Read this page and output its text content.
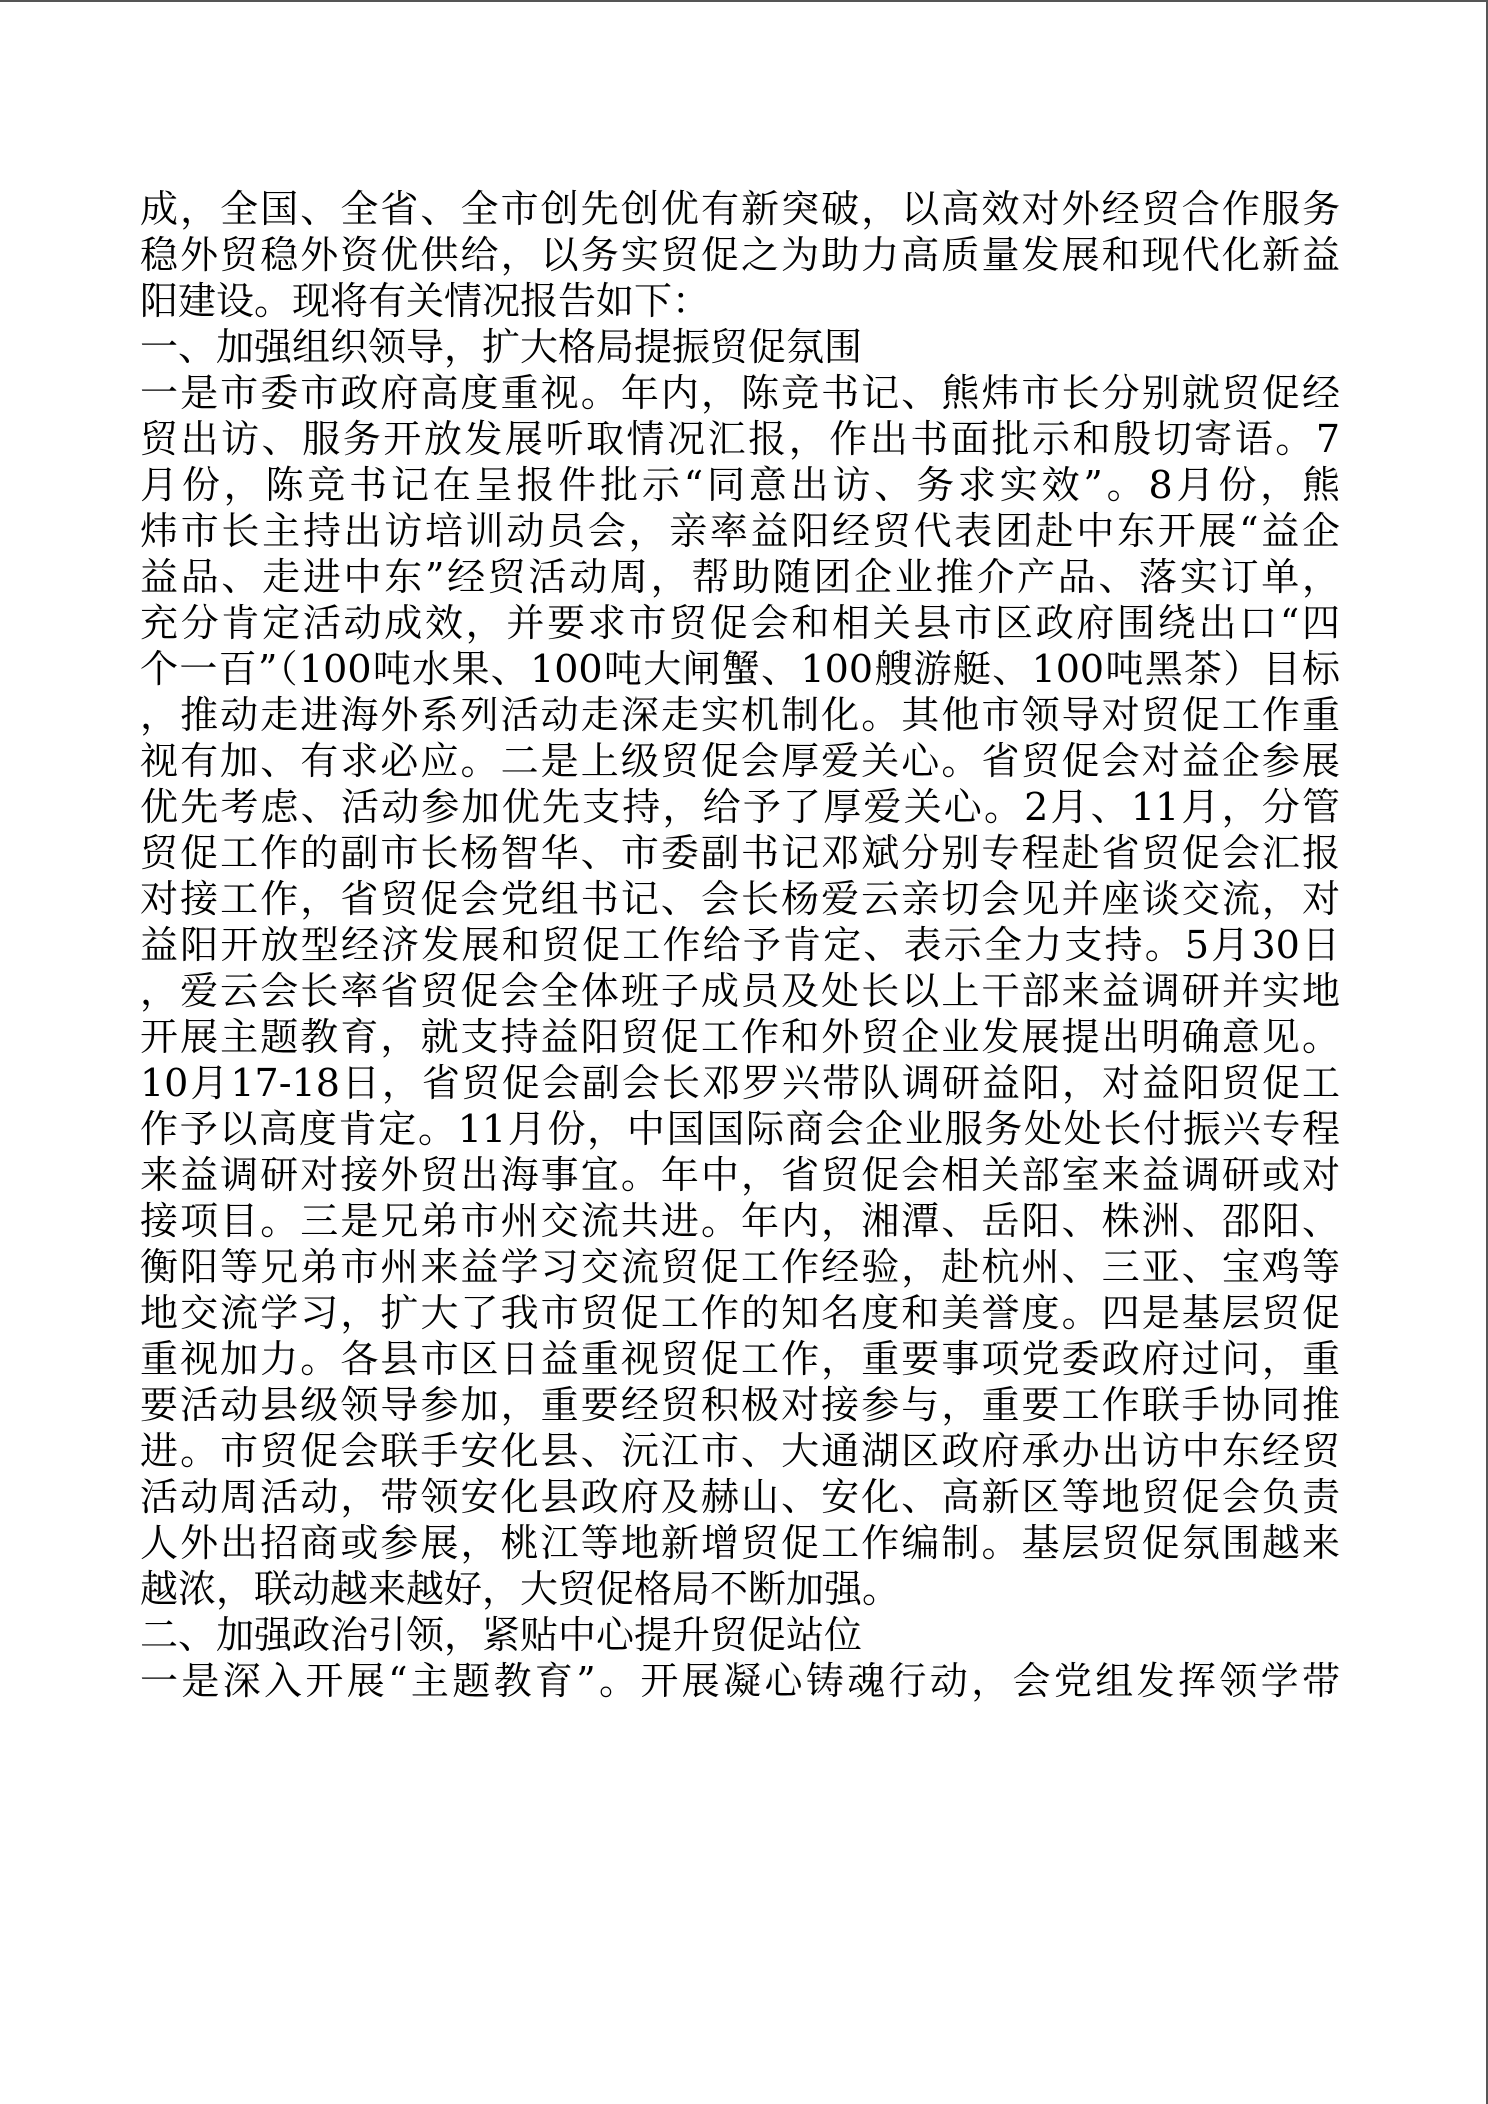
成，全国、全省、全市创先创优有新突破，以高效对外经贸合作服务
稳外贸稳外资优供给，以务实贸促之为助力高质量发展和现代化新益
阳建设。现将有关情况报告如下：
一、加强组织领导，扩大格局提振贸促氛围
一是市委市政府高度重视。年内，陈竞书记、熊炜市长分别就贸促经
贸出访、服务开放发展听取情况汇报，作出书面批示和殷切寄语。7
月份，陈竞书记在呈报件批示“同意出访、务求实效”。8月份，熊
炜市长主持出访培训动员会，亲率益阳经贸代表团赴中东开展“益企
益品、走进中东”经贸活动周，帮助随团企业推介产品、落实订单，
充分肯定活动成效，并要求市贸促会和相关县市区政府围绕出口“四
个一百”（100吨水果、100吨大闸蟹、100艘游艇、100吨黑茶）目标
，推动走进海外系列活动走深走实机制化。其他市领导对贸促工作重
视有加、有求必应。二是上级贸促会厚爱关心。省贸促会对益企参展
优先考虑、活动参加优先支持，给予了厚爱关心。2月、11月，分管
贸促工作的副市长杨智华、市委副书记邓斌分别专程赴省贸促会汇报
对接工作，省贸促会党组书记、会长杨爱云亲切会见并座谈交流，对
益阳开放型经济发展和贸促工作给予肯定、表示全力支持。5月30日
，爱云会长率省贸促会全体班子成员及处长以上干部来益调研并实地
开展主题教育，就支持益阳贸促工作和外贸企业发展提出明确意见。
10月17-18日，省贸促会副会长邓罗兴带队调研益阳，对益阳贸促工
作予以高度肯定。11月份，中国国际商会企业服务处处长付振兴专程
来益调研对接外贸出海事宜。年中，省贸促会相关部室来益调研或对
接项目。三是兄弟市州交流共进。年内，湘潭、岳阳、株洲、邵阳、
衡阳等兄弟市州来益学习交流贸促工作经验，赴杭州、三亚、宝鸡等
地交流学习，扩大了我市贸促工作的知名度和美誉度。四是基层贸促
重视加力。各县市区日益重视贸促工作，重要事项党委政府过问，重
要活动县级领导参加，重要经贸积极对接参与，重要工作联手协同推
进。市贸促会联手安化县、沅江市、大通湖区政府承办出访中东经贸
活动周活动，带领安化县政府及赫山、安化、高新区等地贸促会负责
人外出招商或参展，桃江等地新增贸促工作编制。基层贸促氛围越来
越浓，联动越来越好，大贸促格局不断加强。
二、加强政治引领，紧贴中心提升贸促站位
一是深入开展“主题教育”。开展凝心铸魂行动，会党组发挥领学带
